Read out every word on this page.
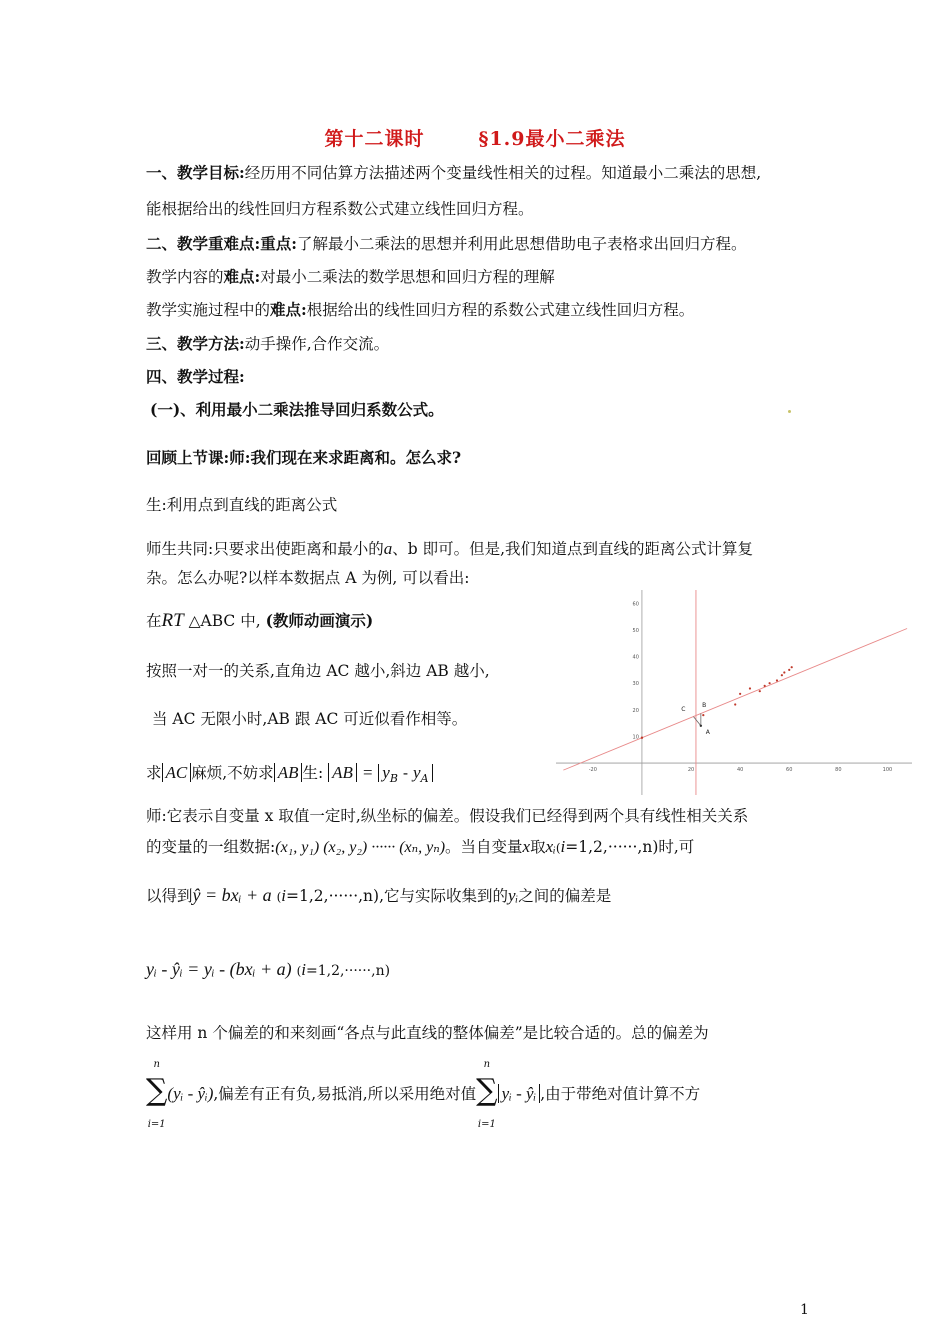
第十二课时	§1.9最小二乘法
一、教学目标:经历用不同估算方法描述两个变量线性相关的过程。知道最小二乘法的思想,
能根据给出的线性回归方程系数公式建立线性回归方程。
二、教学重难点:重点:了解最小二乘法的思想并利用此思想借助电子表格求出回归方程。
教学内容的难点:对最小二乘法的数学思想和回归方程的理解
教学实施过程中的难点:根据给出的线性回归方程的系数公式建立线性回归方程。
三、教学方法:动手操作,合作交流。
四、教学过程:
(一)、利用最小二乘法推导回归系数公式。
回顾上节课:师:我们现在来求距离和。怎么求?
生:利用点到直线的距离公式
师生共同:只要求出使距离和最小的a、b 即可。但是,我们知道点到直线的距离公式计算复
杂。怎么办呢?以样本数据点 A 为例, 可以看出:
在RT △ABC 中, (教师动画演示)
按照一对一的关系,直角边 AC 越小,斜边 AB 越小,
当 AC 无限小时,AB 跟 AC 可近似看作相等。
求 AC 麻烦,不妨求 AB 生: AB = $y_B - y_A$
师:它表示自变量 x 取值一定时,纵坐标的偏差。假设我们已经得到两个具有线性相关关系
的变量的一组数据:(x₁, y₁) (x₂, y₂) ······ (xₙ, yₙ)。当自变量x取xᵢ(i=1,2,······,n)时,可
以得到ŷ = bxᵢ + a (i=1,2,······,n),它与实际收集到的yᵢ之间的偏差是
yᵢ - ŷᵢ = yᵢ - (bxᵢ + a) (i=1,2,······,n)
这样用 n 个偏差的和来刻画“各点与此直线的整体偏差”是比较合适的。总的偏差为
n
∑
i=1
(yᵢ - ŷᵢ),偏差有正有负,易抵消,所以采用绝对值
n
∑
i=1
yᵢ - ŷᵢ ,由于带绝对值计算不方
1
-20	20	40	60	80	100
10
20
30
40
50
60
C
B
A
